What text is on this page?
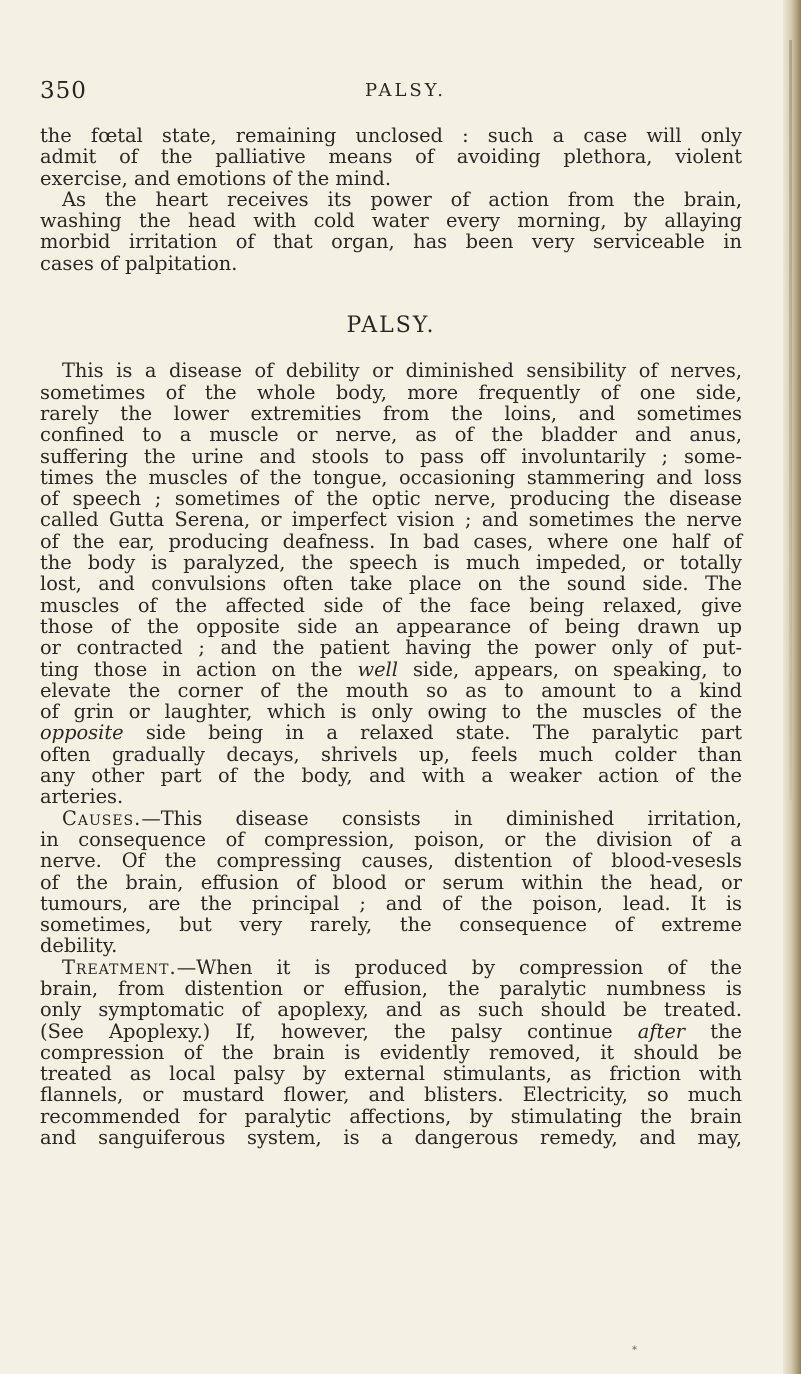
350	PALSY.
the fœtal state, remaining unclosed : such a case will only
admit of the palliative means of avoiding plethora, violent
exercise, and emotions of the mind.
As the heart receives its power of action from the brain,
washing the head with cold water every morning, by allaying
morbid irritation of that organ, has been very serviceable in
cases of palpitation.
PALSY.
This is a disease of debility or diminished sensibility of nerves,
sometimes of the whole body, more frequently of one side,
rarely the lower extremities from the loins, and sometimes
confined to a muscle or nerve, as of the bladder and anus,
suffering the urine and stools to pass off involuntarily ; some-
times the muscles of the tongue, occasioning stammering and loss
of speech ; sometimes of the optic nerve, producing the disease
called Gutta Serena, or imperfect vision ; and sometimes the nerve
of the ear, producing deafness. In bad cases, where one half of
the body is paralyzed, the speech is much impeded, or totally
lost, and convulsions often take place on the sound side. The
muscles of the affected side of the face being relaxed, give
those of the opposite side an appearance of being drawn up
or contracted ; and the patient having the power only of put-
ting those in action on the well side, appears, on speaking, to
elevate the corner of the mouth so as to amount to a kind
of grin or laughter, which is only owing to the muscles of the
opposite side being in a relaxed state. The paralytic part
often gradually decays, shrivels up, feels much colder than
any other part of the body, and with a weaker action of the
arteries.
Causes.—This disease consists in diminished irritation,
in consequence of compression, poison, or the division of a
nerve. Of the compressing causes, distention of blood-vesesls
of the brain, effusion of blood or serum within the head, or
tumours, are the principal ; and of the poison, lead. It is
sometimes, but very rarely, the consequence of extreme
debility.
Treatment.—When it is produced by compression of the
brain, from distention or effusion, the paralytic numbness is
only symptomatic of apoplexy, and as such should be treated.
(See Apoplexy.) If, however, the palsy continue after the
compression of the brain is evidently removed, it should be
treated as local palsy by external stimulants, as friction with
flannels, or mustard flower, and blisters. Electricity, so much
recommended for paralytic affections, by stimulating the brain
and sanguiferous system, is a dangerous remedy, and may,
*
